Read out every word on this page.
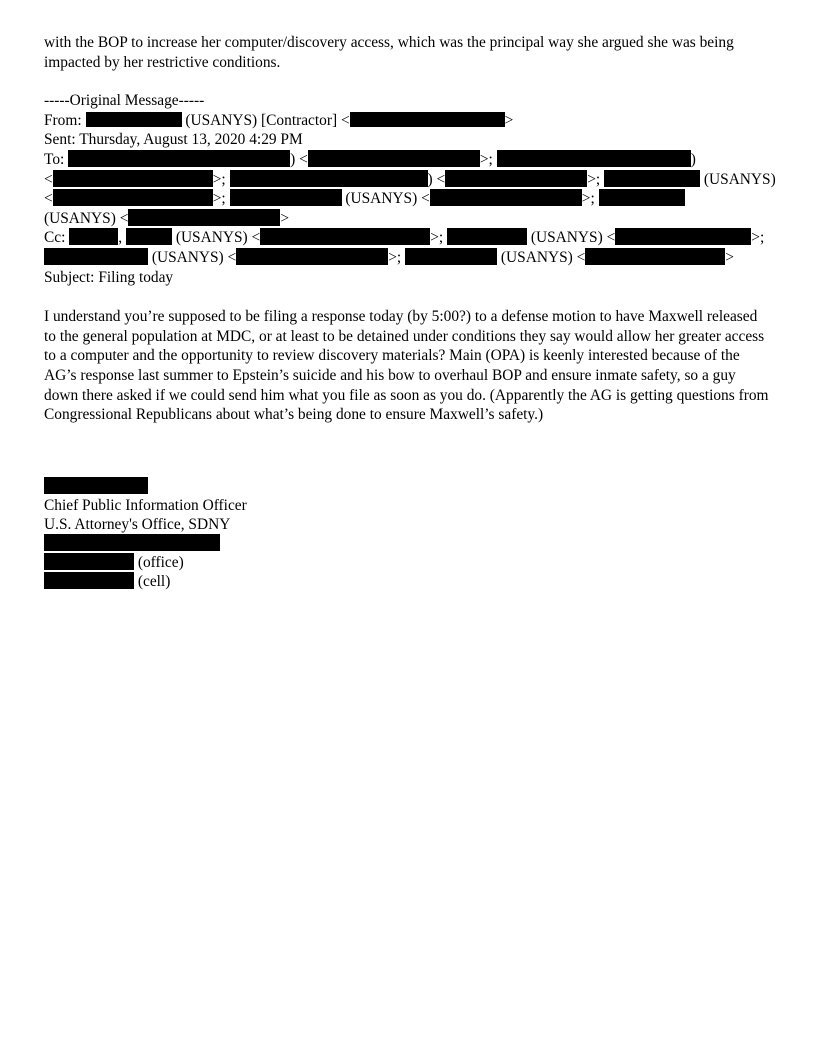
with the BOP to increase her computer/discovery access, which was the principal way she argued she was being impacted by her restrictive conditions.

-----Original Message-----
From:	(USANYS) [Contractor] <	>
Sent: Thursday, August 13, 2020 4:29 PM
To:	) <	>;	)
<	>;	) <	>;	(USANYS)
<	>;	(USANYS) <	>;
(USANYS) <	>
Cc:	,	(USANYS) <	>;	(USANYS) <	>;
(USANYS) <	>;	(USANYS) <	>
Subject: Filing today

I understand you’re supposed to be filing a response today (by 5:00?) to a defense motion to have Maxwell released to the general population at MDC, or at least to be detained under conditions they say would allow her greater access to a computer and the opportunity to review discovery materials? Main (OPA) is keenly interested because of the AG’s response last summer to Epstein’s suicide and his bow to overhaul BOP and ensure inmate safety, so a guy down there asked if we could send him what you file as soon as you do. (Apparently the AG is getting questions from Congressional Republicans about what’s being done to ensure Maxwell’s safety.)

Chief Public Information Officer
U.S. Attorney's Office, SDNY
(office)
(cell)
